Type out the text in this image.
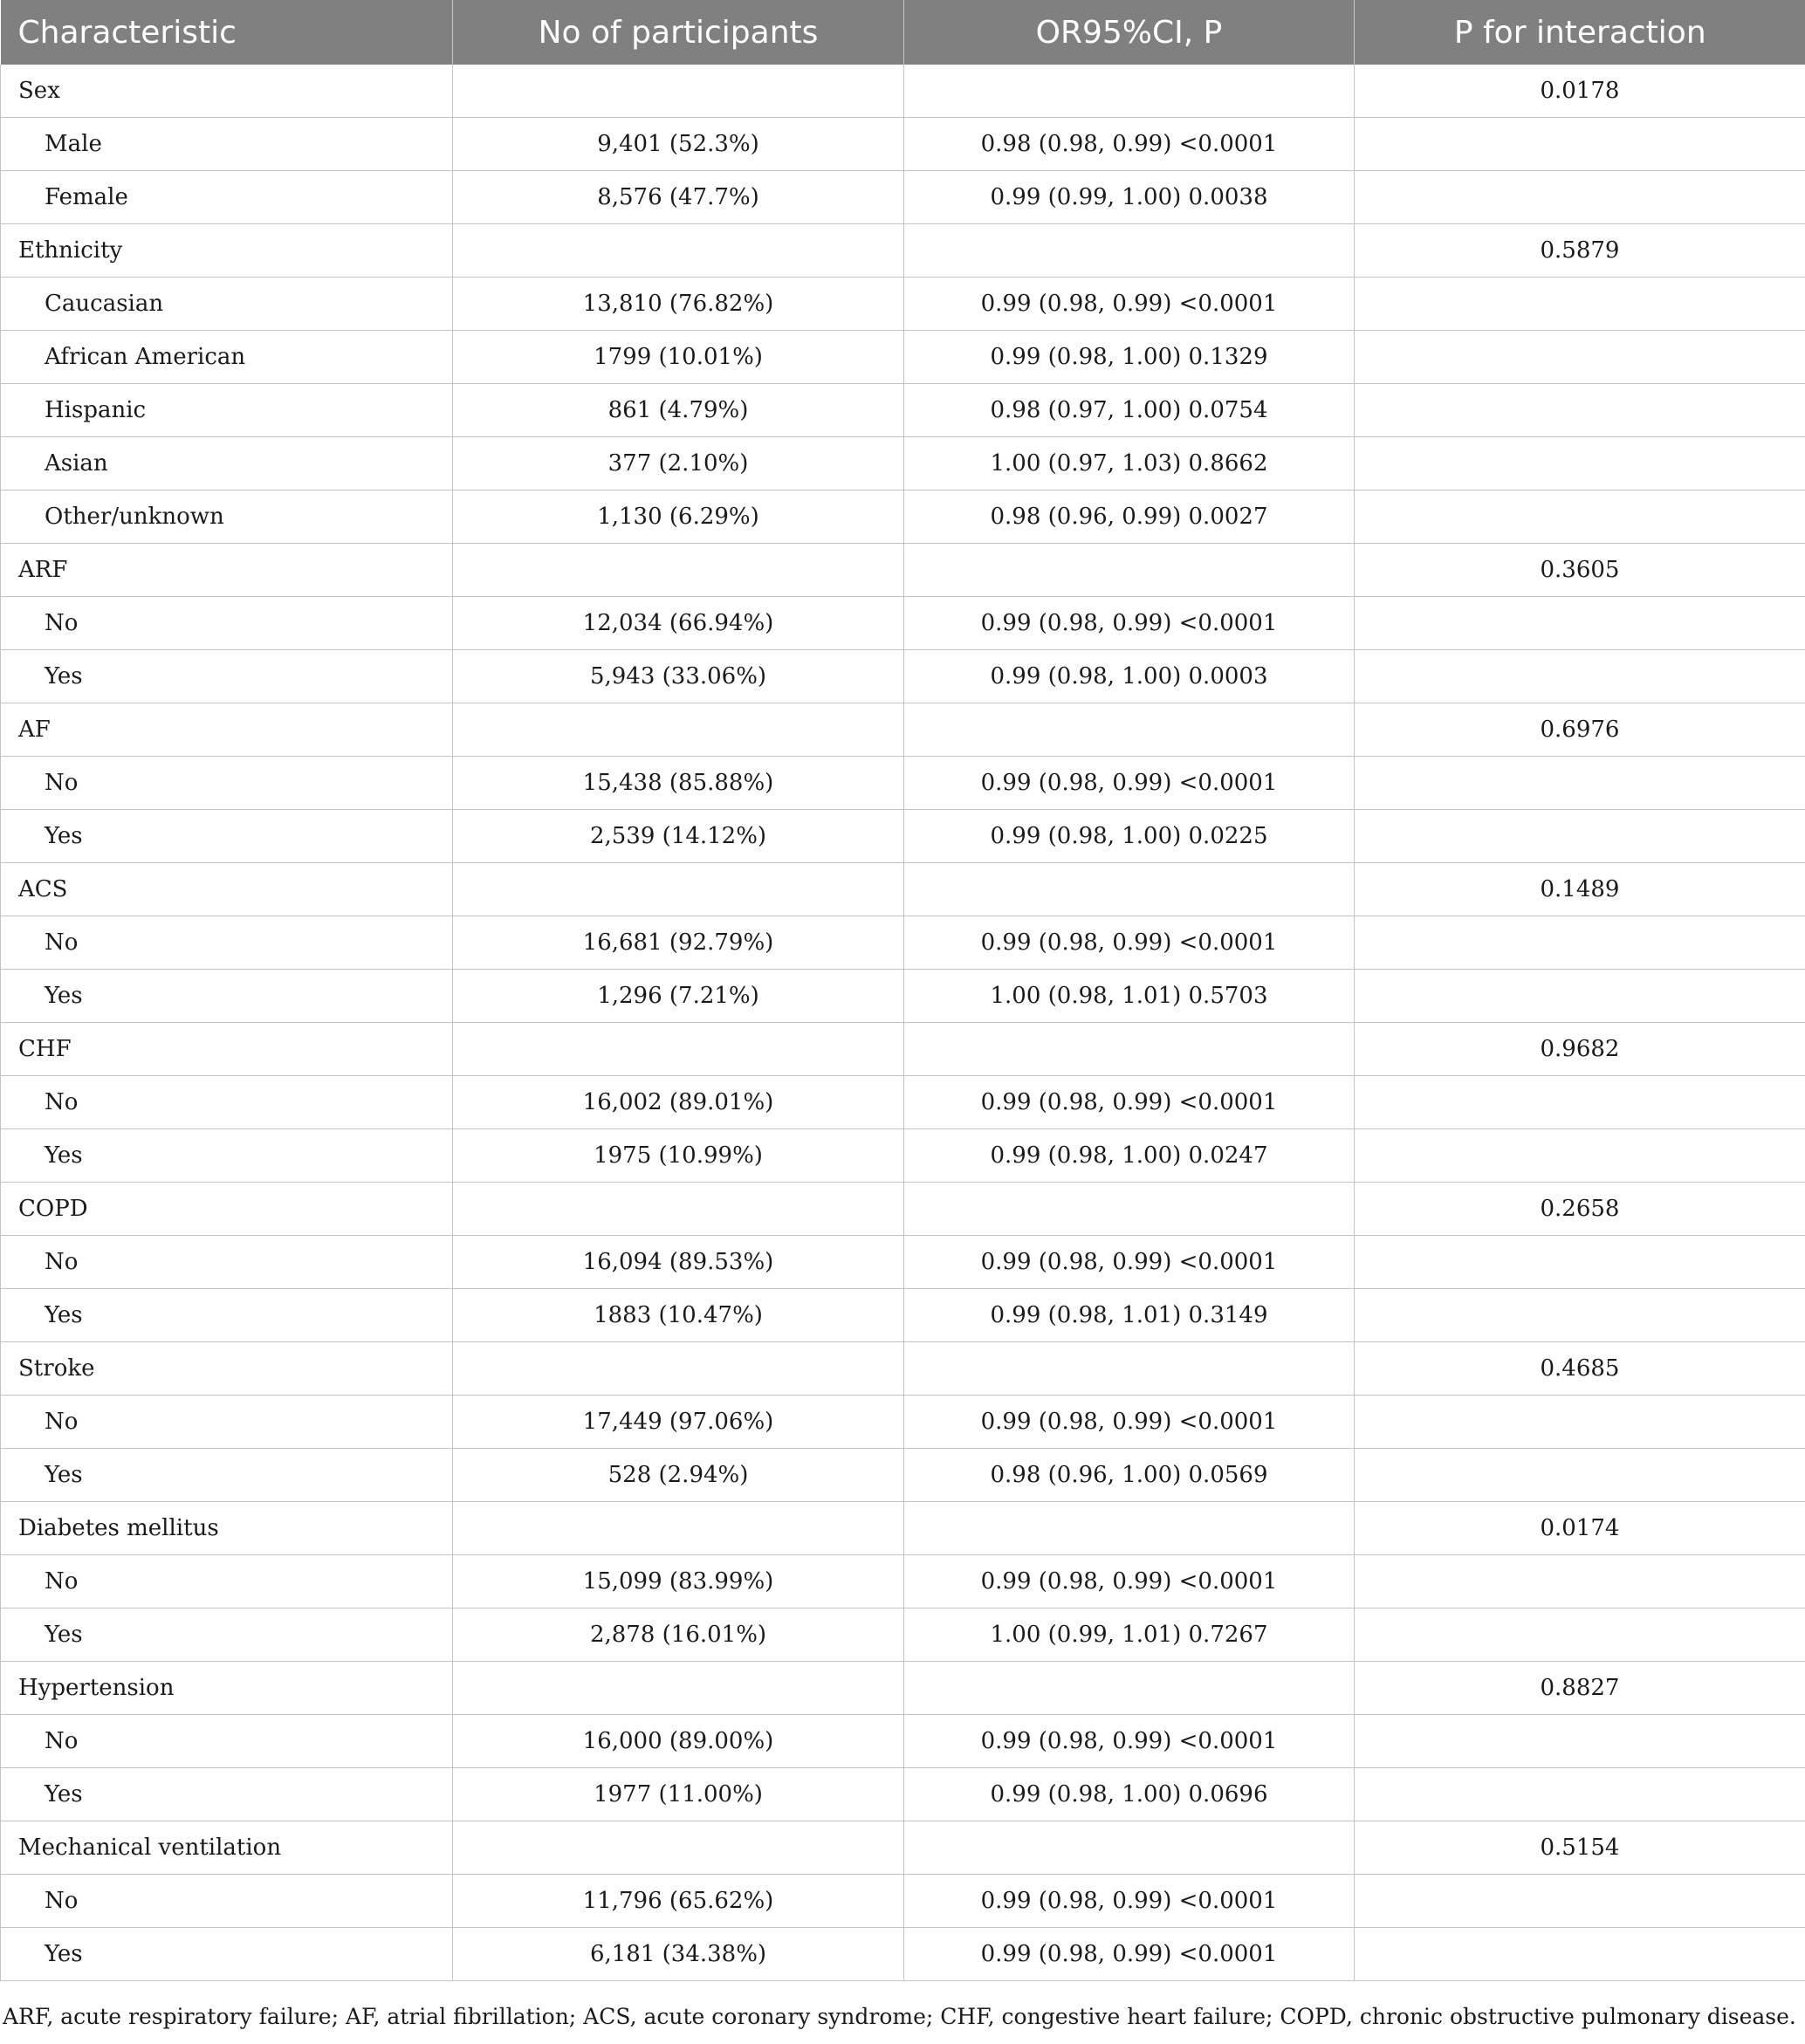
Characteristic	No of participants	OR95%CI, P	P for interaction
Sex			0.0178
Male	9,401 (52.3%)	0.98 (0.98, 0.99) <0.0001	
Female	8,576 (47.7%)	0.99 (0.99, 1.00) 0.0038	
Ethnicity			0.5879
Caucasian	13,810 (76.82%)	0.99 (0.98, 0.99) <0.0001	
African American	1799 (10.01%)	0.99 (0.98, 1.00) 0.1329	
Hispanic	861 (4.79%)	0.98 (0.97, 1.00) 0.0754	
Asian	377 (2.10%)	1.00 (0.97, 1.03) 0.8662	
Other/unknown	1,130 (6.29%)	0.98 (0.96, 0.99) 0.0027	
ARF			0.3605
No	12,034 (66.94%)	0.99 (0.98, 0.99) <0.0001	
Yes	5,943 (33.06%)	0.99 (0.98, 1.00) 0.0003	
AF			0.6976
No	15,438 (85.88%)	0.99 (0.98, 0.99) <0.0001	
Yes	2,539 (14.12%)	0.99 (0.98, 1.00) 0.0225	
ACS			0.1489
No	16,681 (92.79%)	0.99 (0.98, 0.99) <0.0001	
Yes	1,296 (7.21%)	1.00 (0.98, 1.01) 0.5703	
CHF			0.9682
No	16,002 (89.01%)	0.99 (0.98, 0.99) <0.0001	
Yes	1975 (10.99%)	0.99 (0.98, 1.00) 0.0247	
COPD			0.2658
No	16,094 (89.53%)	0.99 (0.98, 0.99) <0.0001	
Yes	1883 (10.47%)	0.99 (0.98, 1.01) 0.3149	
Stroke			0.4685
No	17,449 (97.06%)	0.99 (0.98, 0.99) <0.0001	
Yes	528 (2.94%)	0.98 (0.96, 1.00) 0.0569	
Diabetes mellitus			0.0174
No	15,099 (83.99%)	0.99 (0.98, 0.99) <0.0001	
Yes	2,878 (16.01%)	1.00 (0.99, 1.01) 0.7267	
Hypertension			0.8827
No	16,000 (89.00%)	0.99 (0.98, 0.99) <0.0001	
Yes	1977 (11.00%)	0.99 (0.98, 1.00) 0.0696	
Mechanical ventilation			0.5154
No	11,796 (65.62%)	0.99 (0.98, 0.99) <0.0001	
Yes	6,181 (34.38%)	0.99 (0.98, 0.99) <0.0001	
ARF, acute respiratory failure; AF, atrial fibrillation; ACS, acute coronary syndrome; CHF, congestive heart failure; COPD, chronic obstructive pulmonary disease.
